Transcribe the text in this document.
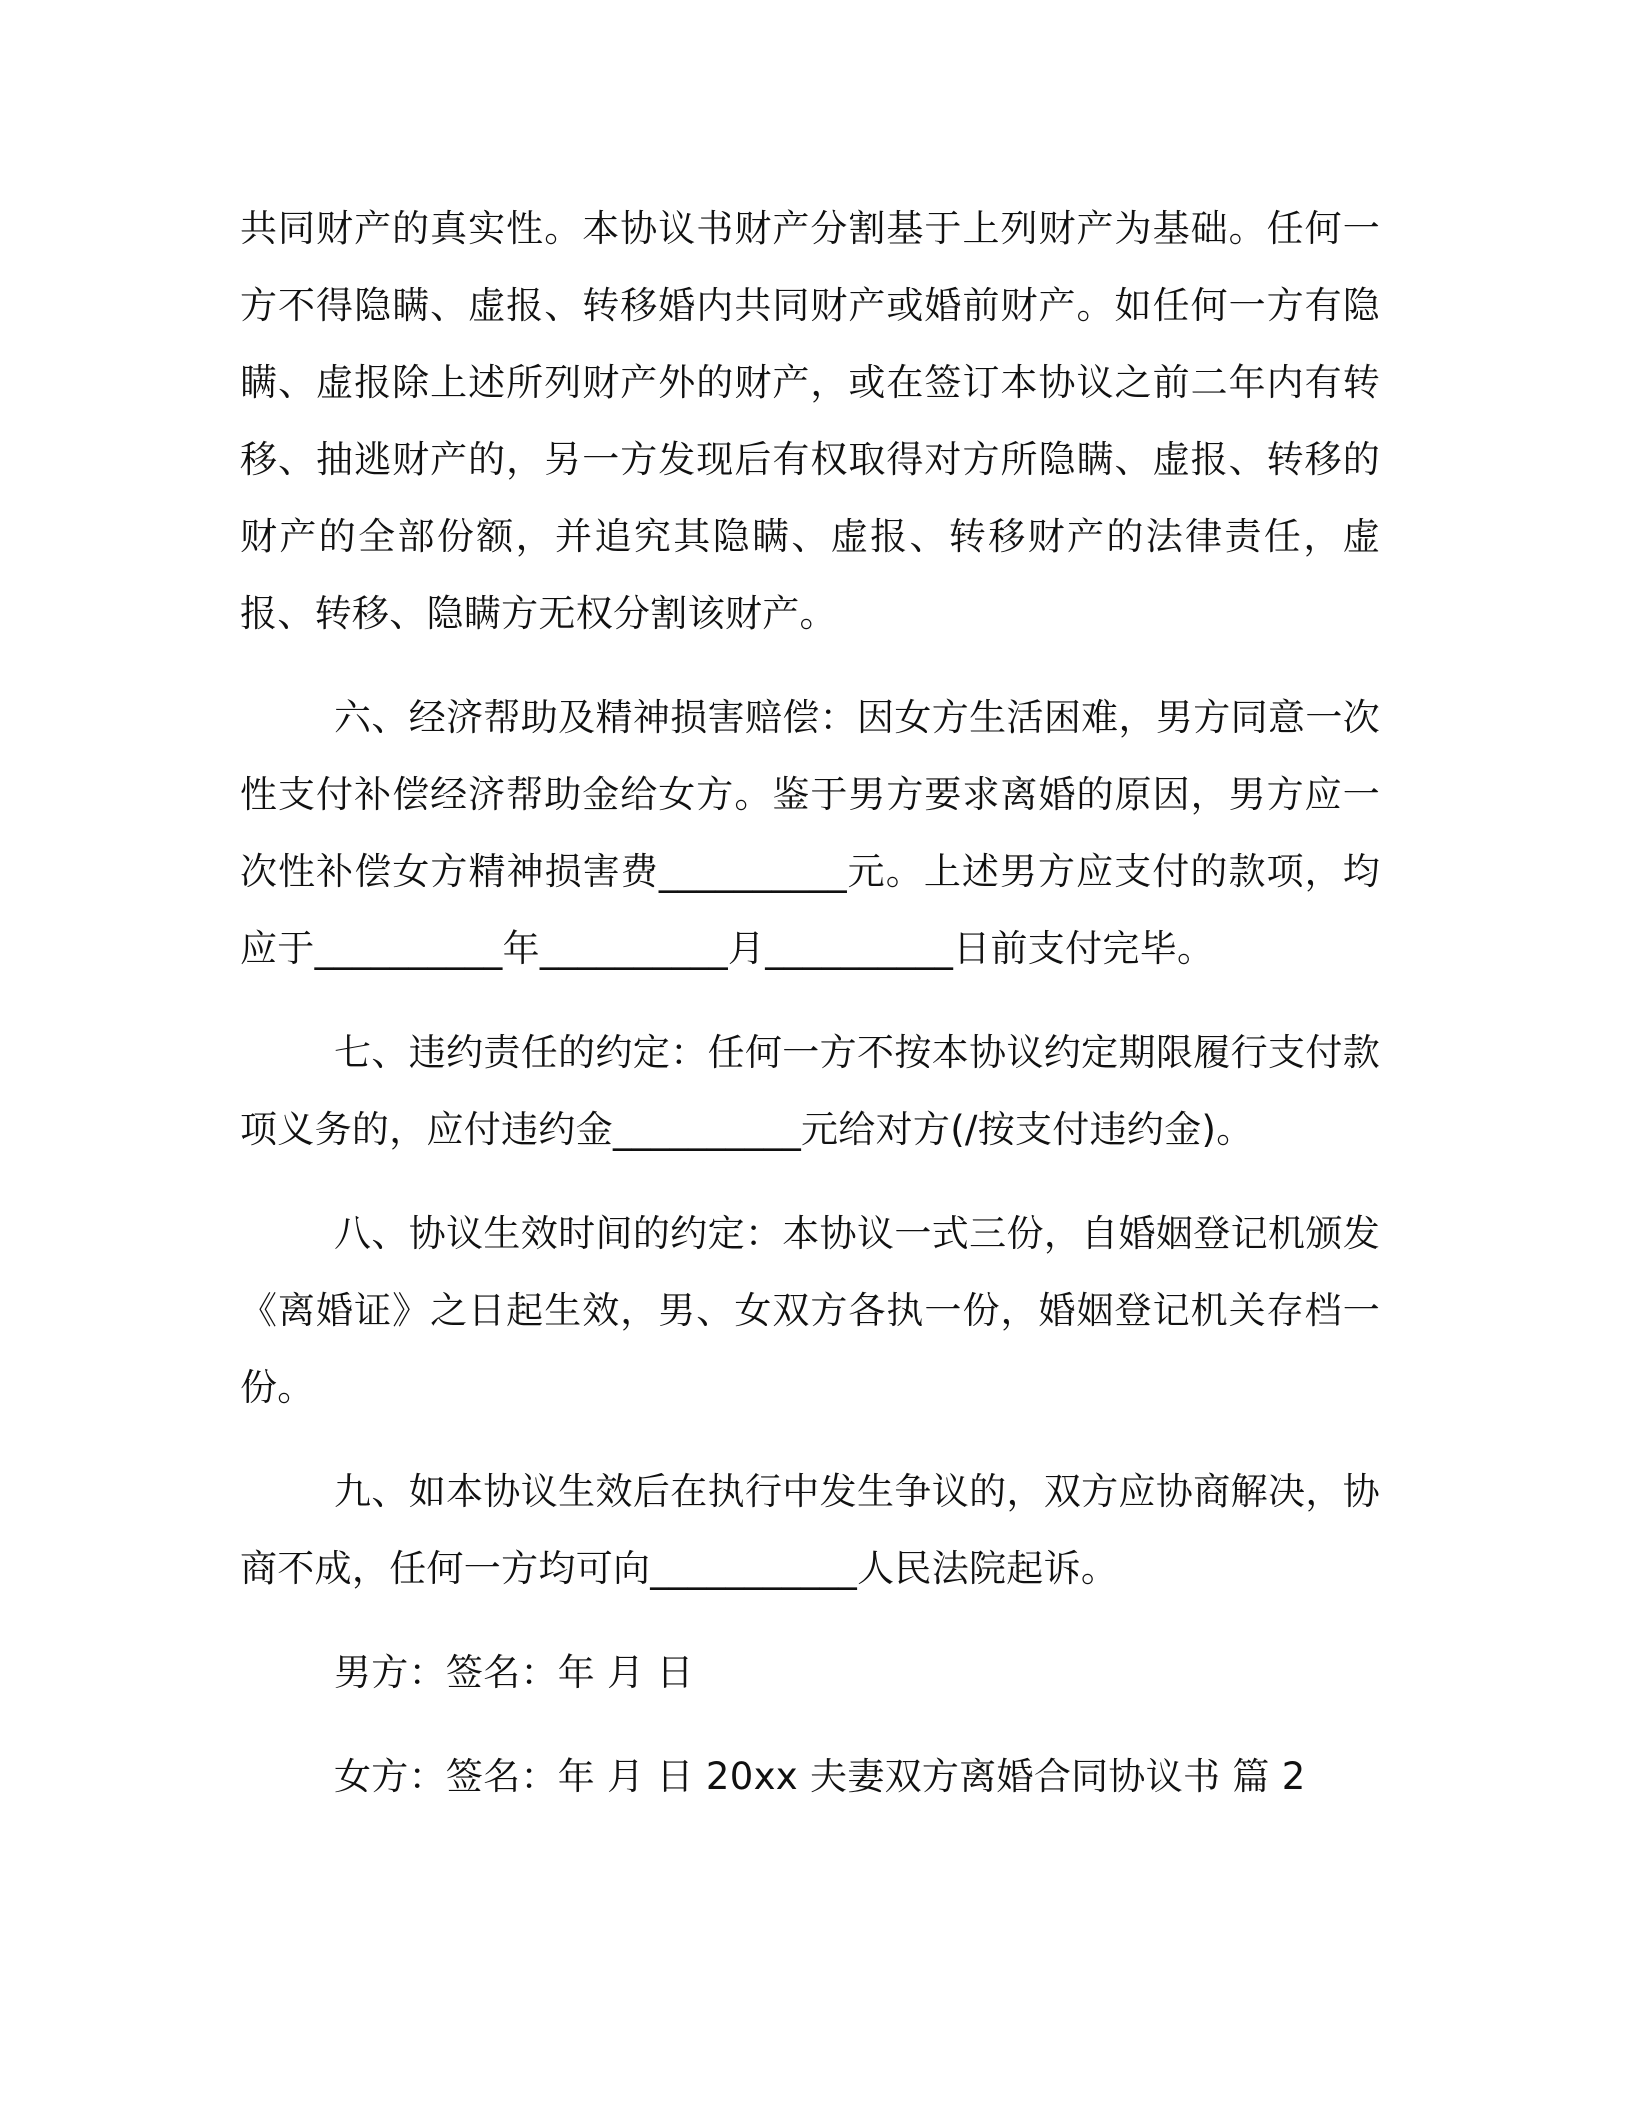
共同财产的真实性。本协议书财产分割基于上列财产为基础。任何一方不得隐瞒、虚报、转移婚内共同财产或婚前财产。如任何一方有隐瞒、虚报除上述所列财产外的财产，或在签订本协议之前二年内有转移、抽逃财产的，另一方发现后有权取得对方所隐瞒、虚报、转移的财产的全部份额，并追究其隐瞒、虚报、转移财产的法律责任，虚报、转移、隐瞒方无权分割该财产。

六、经济帮助及精神损害赔偿：因女方生活困难，男方同意一次性支付补偿经济帮助金给女方。鉴于男方要求离婚的原因，男方应一次性补偿女方精神损害费__________元。上述男方应支付的款项，均应于__________年__________月__________日前支付完毕。

七、违约责任的约定：任何一方不按本协议约定期限履行支付款项义务的，应付违约金__________元给对方(/按支付违约金)。

八、协议生效时间的约定：本协议一式三份，自婚姻登记机颁发《离婚证》之日起生效，男、女双方各执一份，婚姻登记机关存档一份。

九、如本协议生效后在执行中发生争议的，双方应协商解决，协商不成，任何一方均可向___________人民法院起诉。

男方：签名：年 月 日

女方：签名：年 月 日 20xx 夫妻双方离婚合同协议书 篇 2
